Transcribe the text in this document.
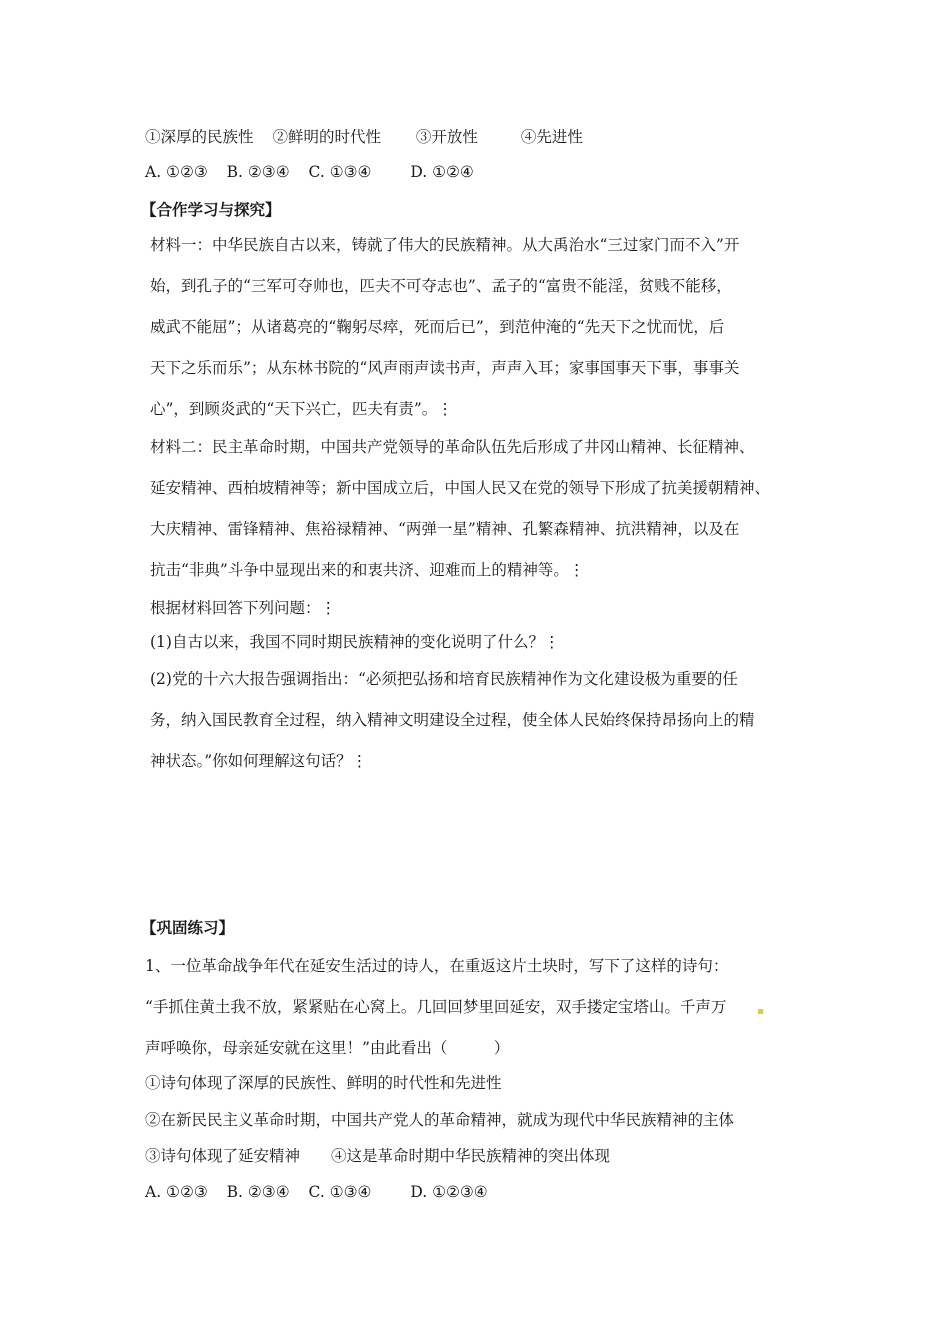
①深厚的民族性 ②鲜明的时代性 ③开放性	④先进性
A. ①②③ B. ②③④ C. ①③④	D. ①②④
【合作学习与探究】
材料一：中华民族自古以来，铸就了伟大的民族精神。从大禹治水“三过家门而不入”开
始，到孔子的“三军可夺帅也，匹夫不可夺志也”、孟子的“富贵不能淫，贫贱不能移，
威武不能屈”；从诸葛亮的“鞠躬尽瘁，死而后已”，到范仲淹的“先天下之忧而忧，后
天下之乐而乐”；从东林书院的“风声雨声读书声，声声入耳；家事国事天下事，事事关
心”，到顾炎武的“天下兴亡，匹夫有责”。⋮
材料二：民主革命时期，中国共产党领导的革命队伍先后形成了井冈山精神、长征精神、
延安精神、西柏坡精神等；新中国成立后，中国人民又在党的领导下形成了抗美援朝精神、
大庆精神、雷锋精神、焦裕禄精神、“两弹一星”精神、孔繁森精神、抗洪精神，以及在
抗击“非典”斗争中显现出来的和衷共济、迎难而上的精神等。⋮
根据材料回答下列问题：⋮
(1)自古以来，我国不同时期民族精神的变化说明了什么？⋮
(2)党的十六大报告强调指出：“必须把弘扬和培育民族精神作为文化建设极为重要的任
务，纳入国民教育全过程，纳入精神文明建设全过程，使全体人民始终保持昂扬向上的精
神状态。”你如何理解这句话？⋮
【巩固练习】
1、一位革命战争年代在延安生活过的诗人，在重返这片土块时，写下了这样的诗句：
“手抓住黄土我不放，紧紧贴在心窝上。几回回梦里回延安，双手搂定宝塔山。千声万
声呼唤你，母亲延安就在这里！”由此看出（　　　）
①诗句体现了深厚的民族性、鲜明的时代性和先进性
②在新民民主义革命时期，中国共产党人的革命精神，就成为现代中华民族精神的主体
③诗句体现了延安精神　　④这是革命时期中华民族精神的突出体现
A. ①②③ B. ②③④ C. ①③④	D. ①②③④
